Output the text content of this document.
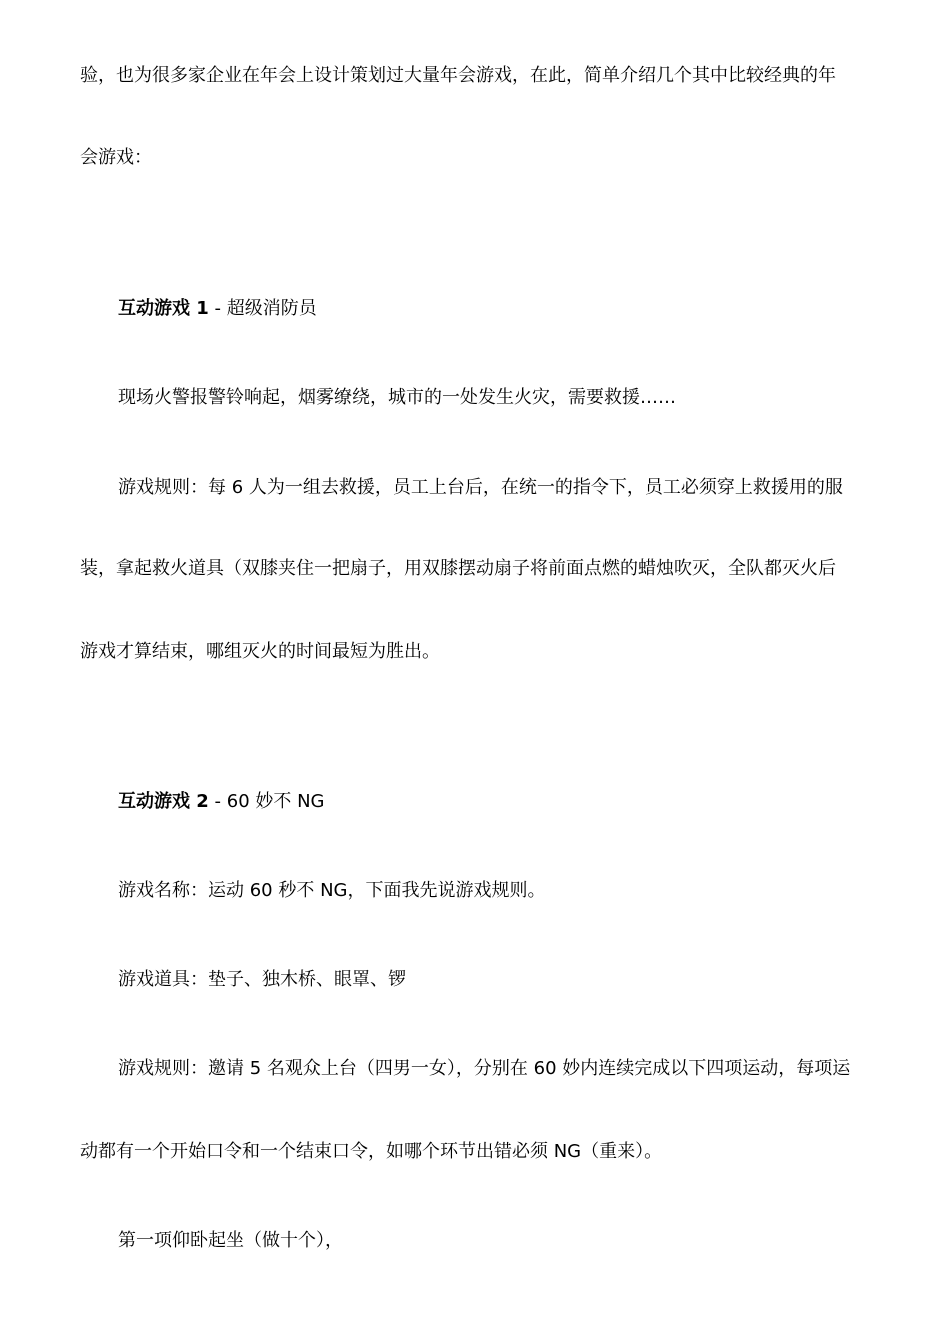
验，也为很多家企业在年会上设计策划过大量年会游戏，在此，简单介绍几个其中比较经典的年
会游戏：
互动游戏 1 - 超级消防员
现场火警报警铃响起，烟雾缭绕，城市的一处发生火灾，需要救援……
游戏规则：每 6 人为一组去救援，员工上台后，在统一的指令下，员工必须穿上救援用的服
装，拿起救火道具（双膝夹住一把扇子，用双膝摆动扇子将前面点燃的蜡烛吹灭，全队都灭火后
游戏才算结束，哪组灭火的时间最短为胜出。
互动游戏 2 - 60 妙不 NG
游戏名称：运动 60 秒不 NG，下面我先说游戏规则。
游戏道具：垫子、独木桥、眼罩、锣
游戏规则：邀请 5 名观众上台（四男一女），分别在 60 妙内连续完成以下四项运动，每项运
动都有一个开始口令和一个结束口令，如哪个环节出错必须 NG（重来）。
第一项仰卧起坐（做十个），
